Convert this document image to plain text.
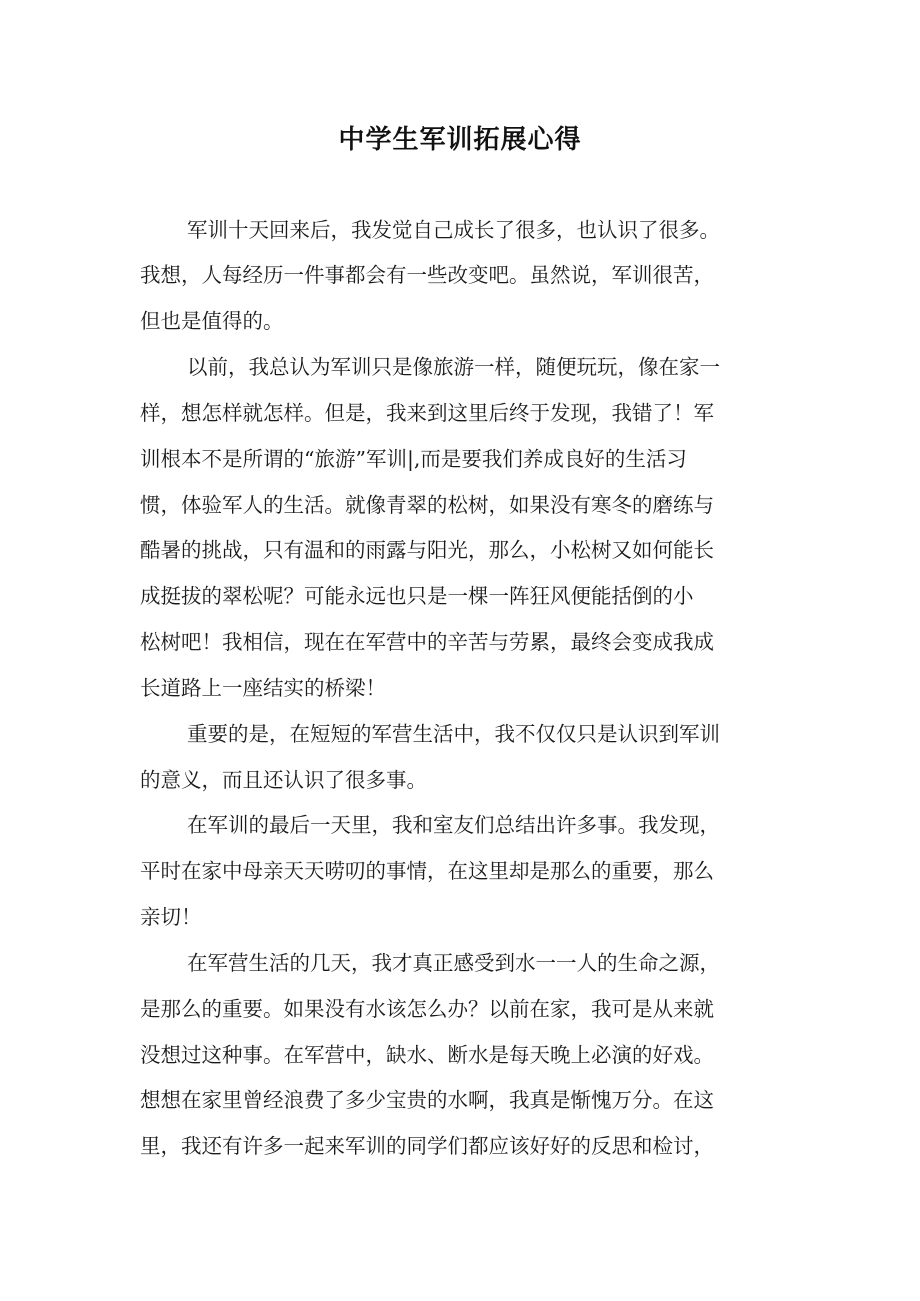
中学生军训拓展心得

军训十天回来后，我发觉自己成长了很多，也认识了很多。

我想，人每经历一件事都会有一些改变吧。虽然说，军训很苦，

但也是值得的。

以前，我总认为军训只是像旅游一样，随便玩玩，像在家一

样，想怎样就怎样。但是，我来到这里后终于发现，我错了！军

训根本不是所谓的“旅游”军训|,而是要我们养成良好的生活习

惯，体验军人的生活。就像青翠的松树，如果没有寒冬的磨练与

酷暑的挑战，只有温和的雨露与阳光，那么，小松树又如何能长

成挺拔的翠松呢？可能永远也只是一棵一阵狂风便能括倒的小

松树吧！我相信，现在在军营中的辛苦与劳累，最终会变成我成

长道路上一座结实的桥梁！

重要的是，在短短的军营生活中，我不仅仅只是认识到军训

的意义，而且还认识了很多事。

在军训的最后一天里，我和室友们总结出许多事。我发现，

平时在家中母亲天天唠叨的事情，在这里却是那么的重要，那么

亲切！

在军营生活的几天，我才真正感受到水一一人的生命之源，

是那么的重要。如果没有水该怎么办？以前在家，我可是从来就

没想过这种事。在军营中，缺水、断水是每天晚上必演的好戏。

想想在家里曾经浪费了多少宝贵的水啊，我真是惭愧万分。在这

里，我还有许多一起来军训的同学们都应该好好的反思和检讨，
